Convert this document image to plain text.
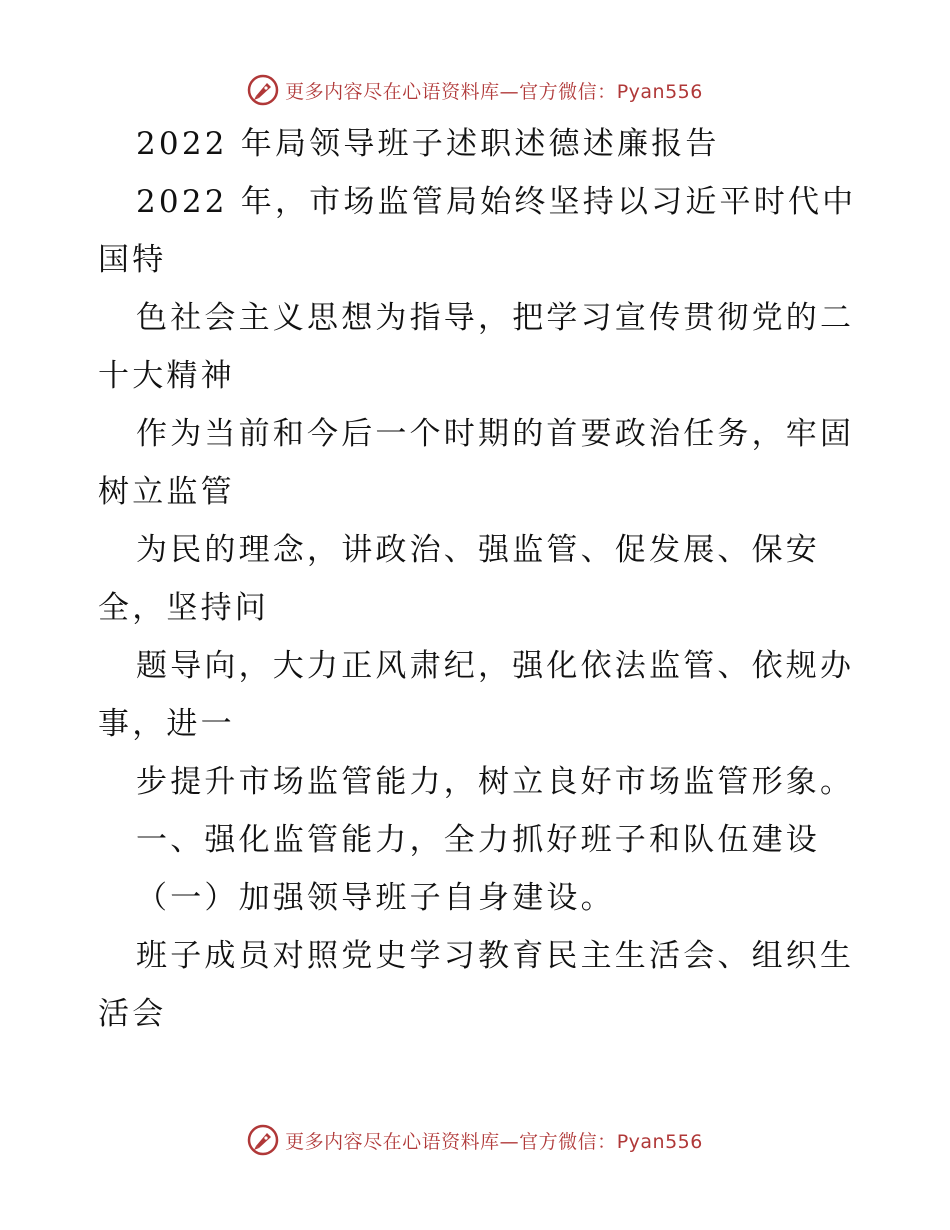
更多内容尽在心语资料库—官方微信：Pyan556
2022 年局领导班子述职述德述廉报告
2022 年，市场监管局始终坚持以习近平时代中
国特
色社会主义思想为指导，把学习宣传贯彻党的二
十大精神
作为当前和今后一个时期的首要政治任务，牢固
树立监管
为民的理念，讲政治、强监管、促发展、保安
全，坚持问
题导向，大力正风肃纪，强化依法监管、依规办
事，进一
步提升市场监管能力，树立良好市场监管形象。
一、强化监管能力，全力抓好班子和队伍建设
（一）加强领导班子自身建设。
班子成员对照党史学习教育民主生活会、组织生
活会
更多内容尽在心语资料库—官方微信：Pyan556
